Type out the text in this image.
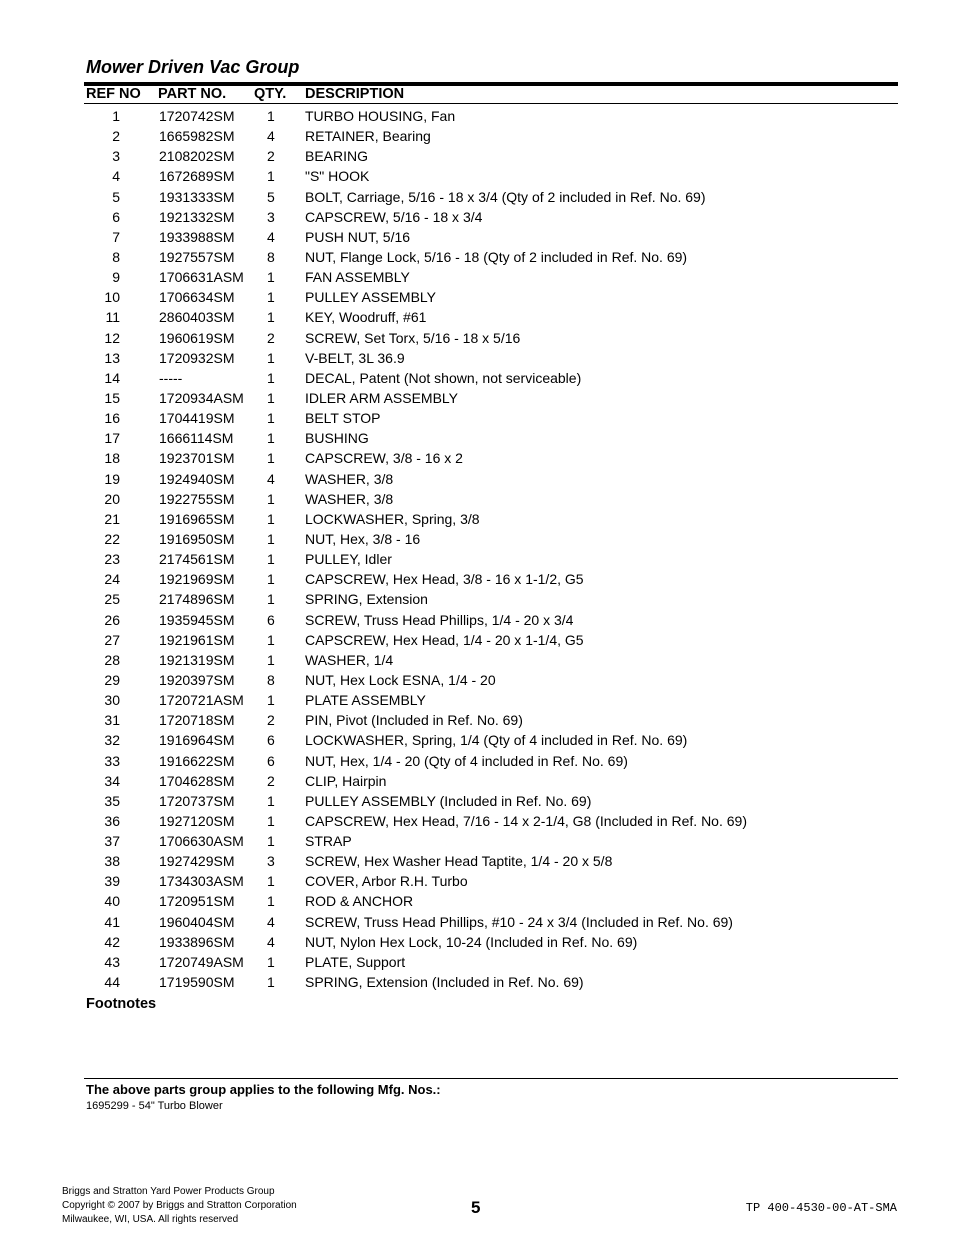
Mower Driven Vac Group
REF NO PART NO. QTY. DESCRIPTION
1	1720742SM 1 TURBO HOUSING, Fan
2	1665982SM 4 RETAINER, Bearing
3	2108202SM 2 BEARING
4	1672689SM 1 "S" HOOK
5	1931333SM 5 BOLT, Carriage, 5/16 - 18 x 3/4 (Qty of 2 included in Ref. No. 69)
6	1921332SM 3 CAPSCREW, 5/16 - 18 x 3/4
7	1933988SM 4 PUSH NUT, 5/16
8	1927557SM 8 NUT, Flange Lock, 5/16 - 18 (Qty of 2 included in Ref. No. 69)
9	1706631ASM 1 FAN ASSEMBLY
10	1706634SM 1 PULLEY ASSEMBLY
11	2860403SM 1 KEY, Woodruff, #61
12	1960619SM 2 SCREW, Set Torx, 5/16 - 18 x 5/16
13	1720932SM 1 V-BELT, 3L 36.9
14	-----	1 DECAL, Patent (Not shown, not serviceable)
15	1720934ASM 1 IDLER ARM ASSEMBLY
16	1704419SM 1 BELT STOP
17	1666114SM 1 BUSHING
18	1923701SM 1 CAPSCREW, 3/8 - 16 x 2
19	1924940SM 4 WASHER, 3/8
20	1922755SM 1 WASHER, 3/8
21	1916965SM 1 LOCKWASHER, Spring, 3/8
22	1916950SM 1 NUT, Hex, 3/8 - 16
23	2174561SM 1 PULLEY, Idler
24	1921969SM 1 CAPSCREW, Hex Head, 3/8 - 16 x 1-1/2, G5
25	2174896SM 1 SPRING, Extension
26	1935945SM 6 SCREW, Truss Head Phillips, 1/4 - 20 x 3/4
27	1921961SM 1 CAPSCREW, Hex Head, 1/4 - 20 x 1-1/4, G5
28	1921319SM 1 WASHER, 1/4
29	1920397SM 8 NUT, Hex Lock ESNA, 1/4 - 20
30	1720721ASM 1 PLATE ASSEMBLY
31	1720718SM 2 PIN, Pivot (Included in Ref. No. 69)
32	1916964SM 6 LOCKWASHER, Spring, 1/4 (Qty of 4 included in Ref. No. 69)
33	1916622SM 6 NUT, Hex, 1/4 - 20 (Qty of 4 included in Ref. No. 69)
34	1704628SM 2 CLIP, Hairpin
35	1720737SM 1 PULLEY ASSEMBLY (Included in Ref. No. 69)
36	1927120SM 1 CAPSCREW, Hex Head, 7/16 - 14 x 2-1/4, G8 (Included in Ref. No. 69)
37	1706630ASM 1 STRAP
38	1927429SM 3 SCREW, Hex Washer Head Taptite, 1/4 - 20 x 5/8
39	1734303ASM 1 COVER, Arbor R.H. Turbo
40	1720951SM 1 ROD & ANCHOR
41	1960404SM 4 SCREW, Truss Head Phillips, #10 - 24 x 3/4 (Included in Ref. No. 69)
42	1933896SM 4 NUT, Nylon Hex Lock, 10-24 (Included in Ref. No. 69)
43	1720749ASM 1 PLATE, Support
44	1719590SM 1 SPRING, Extension (Included in Ref. No. 69)
Footnotes
The above parts group applies to the following Mfg. Nos.:
1695299 - 54" Turbo Blower
Briggs and Stratton Yard Power Products Group
Copyright © 2007 by Briggs and Stratton Corporation
Milwaukee, WI, USA. All rights reserved
5	TP 400-4530-00-AT-SMA
